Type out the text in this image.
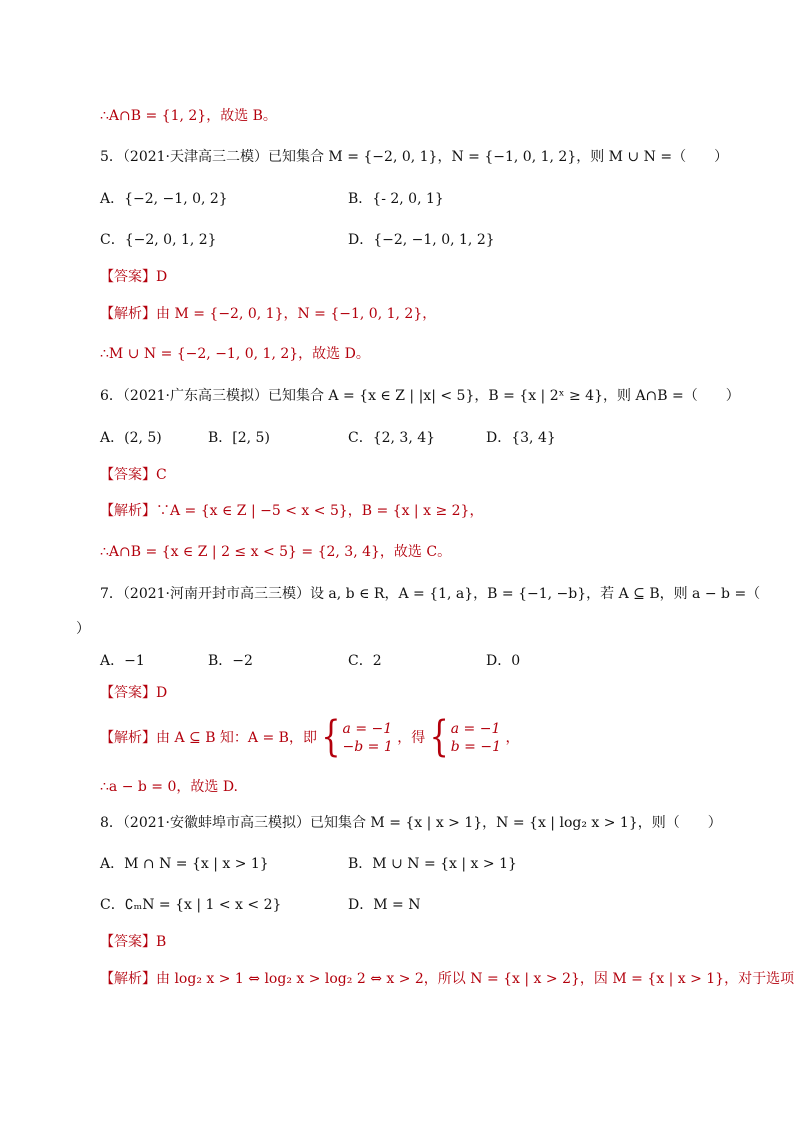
∴A∩B = {1, 2}，故选 B。
5．（2021·天津高三二模）已知集合 M = {−2, 0, 1}，N = {−1, 0, 1, 2}，则 M ∪ N =（　　）
A．{−2, −1, 0, 2}	B．{- 2, 0, 1}
C．{−2, 0, 1, 2}	D．{−2, −1, 0, 1, 2}
【答案】D
【解析】由 M = {−2, 0, 1}，N = {−1, 0, 1, 2}，
∴M ∪ N = {−2, −1, 0, 1, 2}，故选 D。
6．（2021·广东高三模拟）已知集合 A = {x ∈ Z | |x| < 5}，B = {x | 2ˣ ≥ 4}，则 A∩B =（　　）
A．(2, 5)	B．[2, 5)	C．{2, 3, 4}	D．{3, 4}
【答案】C
【解析】∵A = {x ∈ Z | −5 < x < 5}，B = {x | x ≥ 2}，
∴A∩B = {x ∈ Z | 2 ≤ x < 5} = {2, 3, 4}，故选 C。
7．（2021·河南开封市高三三模）设 a, b ∈ R，A = {1, a}，B = {−1, −b}，若 A ⊆ B，则 a − b =（
）
A．−1	B．−2	C．2	D．0
【答案】D
【解析】由 A ⊆ B 知：A = B，即 { a = −1
−b = 1
，得 { a = −1
b = −1
，
∴a − b = 0，故选 D.
8．（2021·安徽蚌埠市高三模拟）已知集合 M = {x | x > 1}，N = {x | log₂ x > 1}，则（　　）
A．M ∩ N = {x | x > 1}	B．M ∪ N = {x | x > 1}
C．∁ₘN = {x | 1 < x < 2}	D．M = N
【答案】B
【解析】由 log₂ x > 1 ⇔ log₂ x > log₂ 2 ⇔ x > 2，所以 N = {x | x > 2}，因 M = {x | x > 1}，对于选项
